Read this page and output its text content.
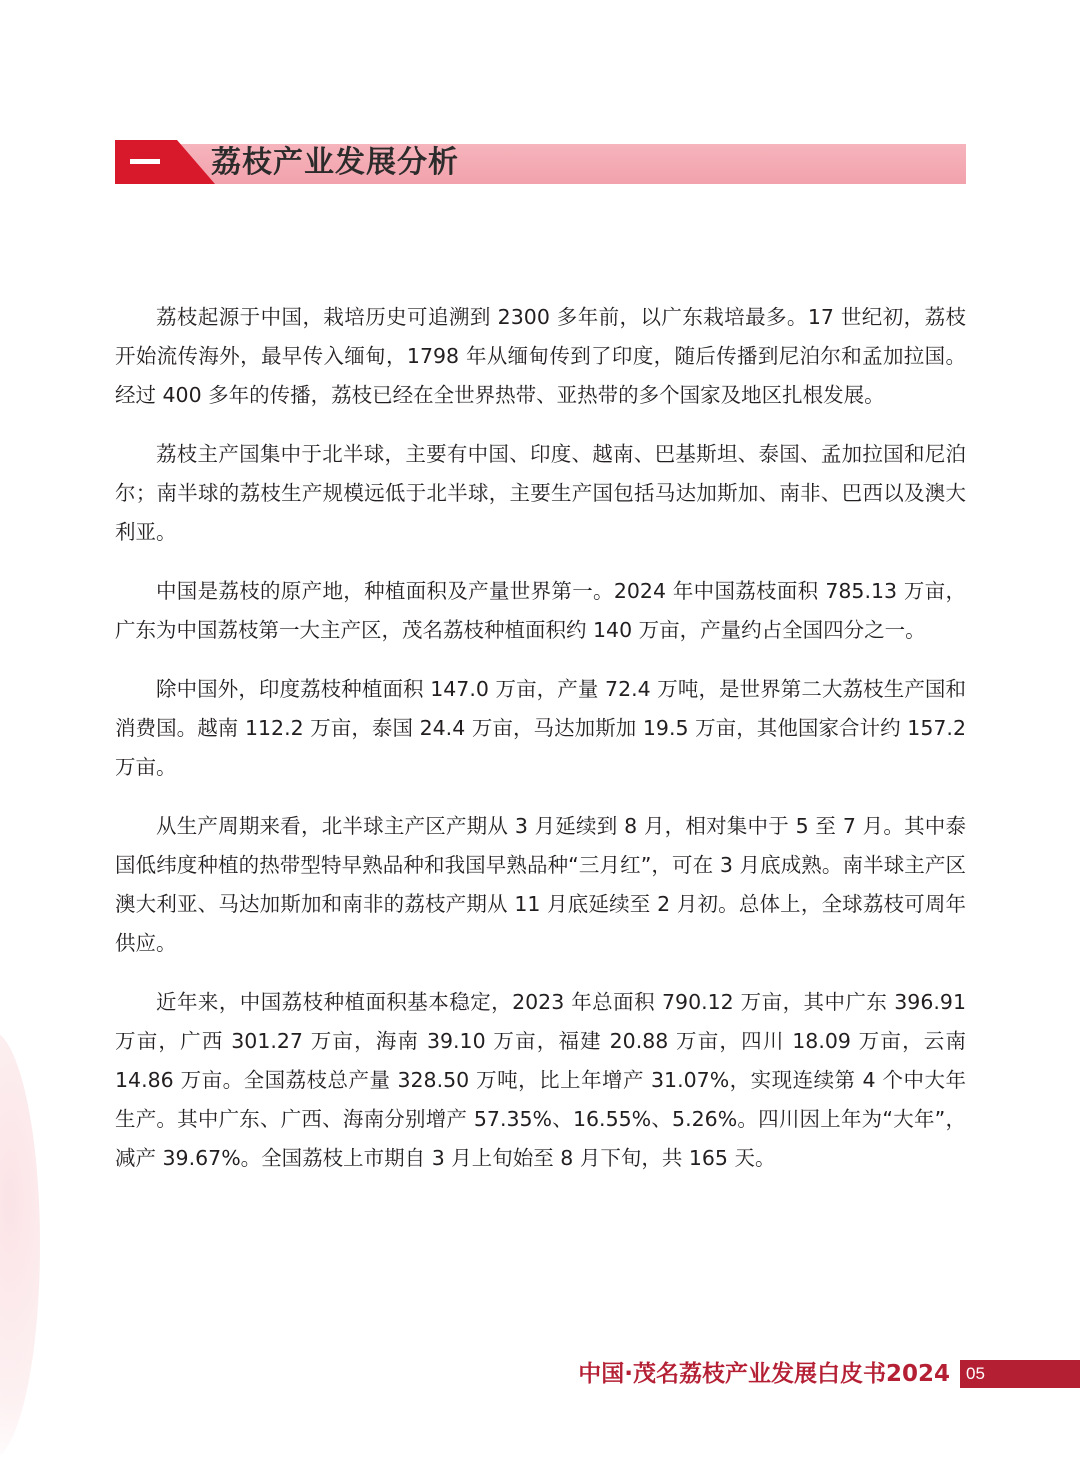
荔枝产业发展分析

荔枝起源于中国，栽培历史可追溯到 2300 多年前，以广东栽培最多。17 世纪初，荔枝开始流传海外，最早传入缅甸，1798 年从缅甸传到了印度，随后传播到尼泊尔和孟加拉国。经过 400 多年的传播，荔枝已经在全世界热带、亚热带的多个国家及地区扎根发展。

荔枝主产国集中于北半球，主要有中国、印度、越南、巴基斯坦、泰国、孟加拉国和尼泊尔；南半球的荔枝生产规模远低于北半球，主要生产国包括马达加斯加、南非、巴西以及澳大利亚。

中国是荔枝的原产地，种植面积及产量世界第一。2024 年中国荔枝面积 785.13 万亩，广东为中国荔枝第一大主产区，茂名荔枝种植面积约 140 万亩，产量约占全国四分之一。

除中国外，印度荔枝种植面积 147.0 万亩，产量 72.4 万吨，是世界第二大荔枝生产国和消费国。越南 112.2 万亩，泰国 24.4 万亩，马达加斯加 19.5 万亩，其他国家合计约 157.2 万亩。

从生产周期来看，北半球主产区产期从 3 月延续到 8 月，相对集中于 5 至 7 月。其中泰国低纬度种植的热带型特早熟品种和我国早熟品种“三月红”，可在 3 月底成熟。南半球主产区澳大利亚、马达加斯加和南非的荔枝产期从 11 月底延续至 2 月初。总体上，全球荔枝可周年供应。

近年来，中国荔枝种植面积基本稳定，2023 年总面积 790.12 万亩，其中广东 396.91 万亩，广西 301.27 万亩，海南 39.10 万亩，福建 20.88 万亩，四川 18.09 万亩，云南 14.86 万亩。全国荔枝总产量 328.50 万吨，比上年增产 31.07%，实现连续第 4 个中大年生产。其中广东、广西、海南分别增产 57.35%、16.55%、5.26%。四川因上年为“大年”，减产 39.67%。全国荔枝上市期自 3 月上旬始至 8 月下旬，共 165 天。

中国·茂名荔枝产业发展白皮书2024 05
